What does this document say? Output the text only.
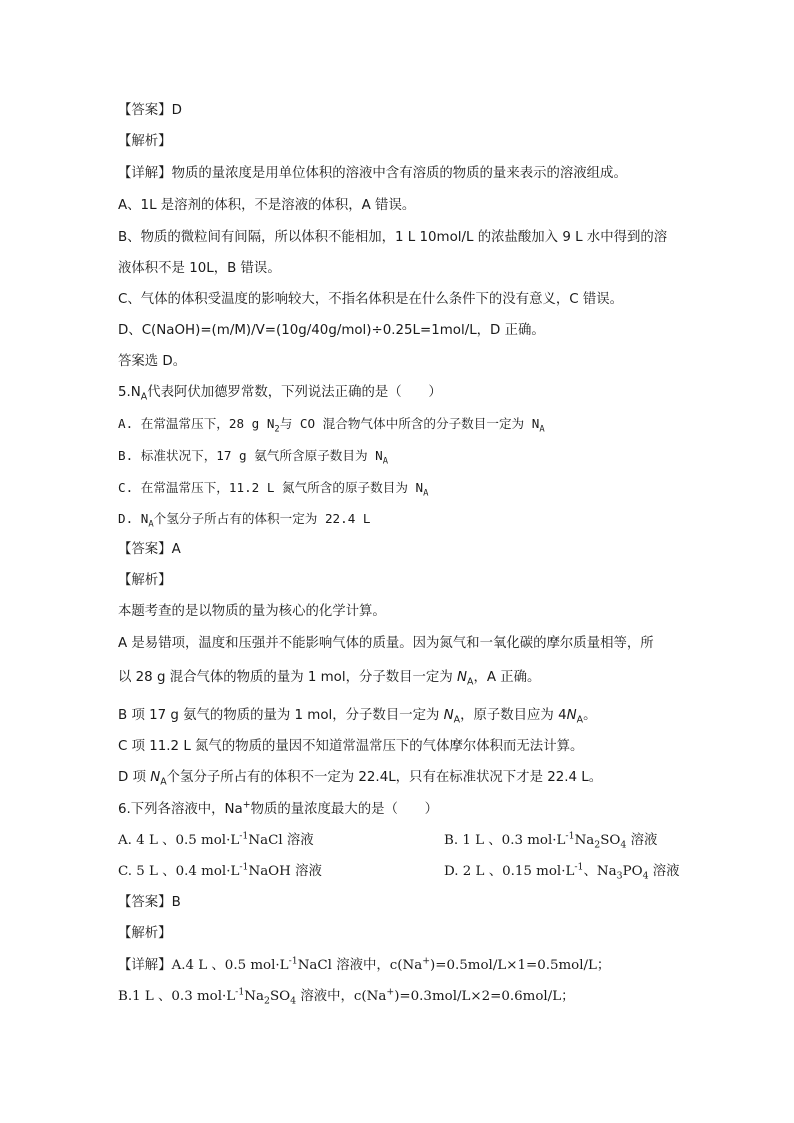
【答案】D
【解析】
【详解】物质的量浓度是用单位体积的溶液中含有溶质的物质的量来表示的溶液组成。
A、1L 是溶剂的体积，不是溶液的体积，A 错误。
B、物质的微粒间有间隔，所以体积不能相加，1 L 10mol/L 的浓盐酸加入 9 L 水中得到的溶
液体积不是 10L，B 错误。
C、气体的体积受温度的影响较大，不指名体积是在什么条件下的没有意义，C 错误。
D、C(NaOH)=(m/M)/V=(10g/40g/mol)÷0.25L=1mol/L，D 正确。
答案选 D。
$5.N_A$代表阿伏加德罗常数，下列说法正确的是（　　）
A. 在常温常压下，28 g $N_2$与 CO 混合物气体中所含的分子数目一定为 $N_A$
B. 标准状况下，17 g 氨气所含原子数目为 $N_A$
C. 在常温常压下，11.2 L 氮气所含的原子数目为 $N_A$
D. $N_A$个氢分子所占有的体积一定为 22.4 L
【答案】A
【解析】
本题考查的是以物质的量为核心的化学计算。
A 是易错项，温度和压强并不能影响气体的质量。因为氮气和一氧化碳的摩尔质量相等，所
以 28 g 混合气体的物质的量为 1 mol，分子数目一定为 $N_A$，A 正确。
B 项 17 g 氨气的物质的量为 1 mol，分子数目一定为 $N_A$，原子数目应为 $4N_A$。
C 项 11.2 L 氮气的物质的量因不知道常温常压下的气体摩尔体积而无法计算。
D 项 $N_A$个氢分子所占有的体积不一定为 22.4L，只有在标准状况下才是 22.4 L。
6.下列各溶液中，Na+物质的量浓度最大的是（　　）
A. 4 L 、0.5 $mol\cdot L^{-1}NaCl$ 溶液	B. 1 L 、0.3 $mol\cdot L^{-1}Na_2SO_4$ 溶液
C. 5 L 、0.4 $mol\cdot L^{-1}NaOH$ 溶液	D. 2 L 、0.15 $mol\cdot L^{-1}$、$Na_3PO_4$ 溶液
【答案】B
【解析】
【详解】A.4 L 、0.5 $mol\cdot L^{-1}NaCl$ 溶液中，c(Na+)=0.5mol/L×1=0.5mol/L；
B.1 L 、0.3 $mol\cdot L^{-1}Na_2SO_4$ 溶液中，c(Na+)=0.3mol/L×2=0.6mol/L；
